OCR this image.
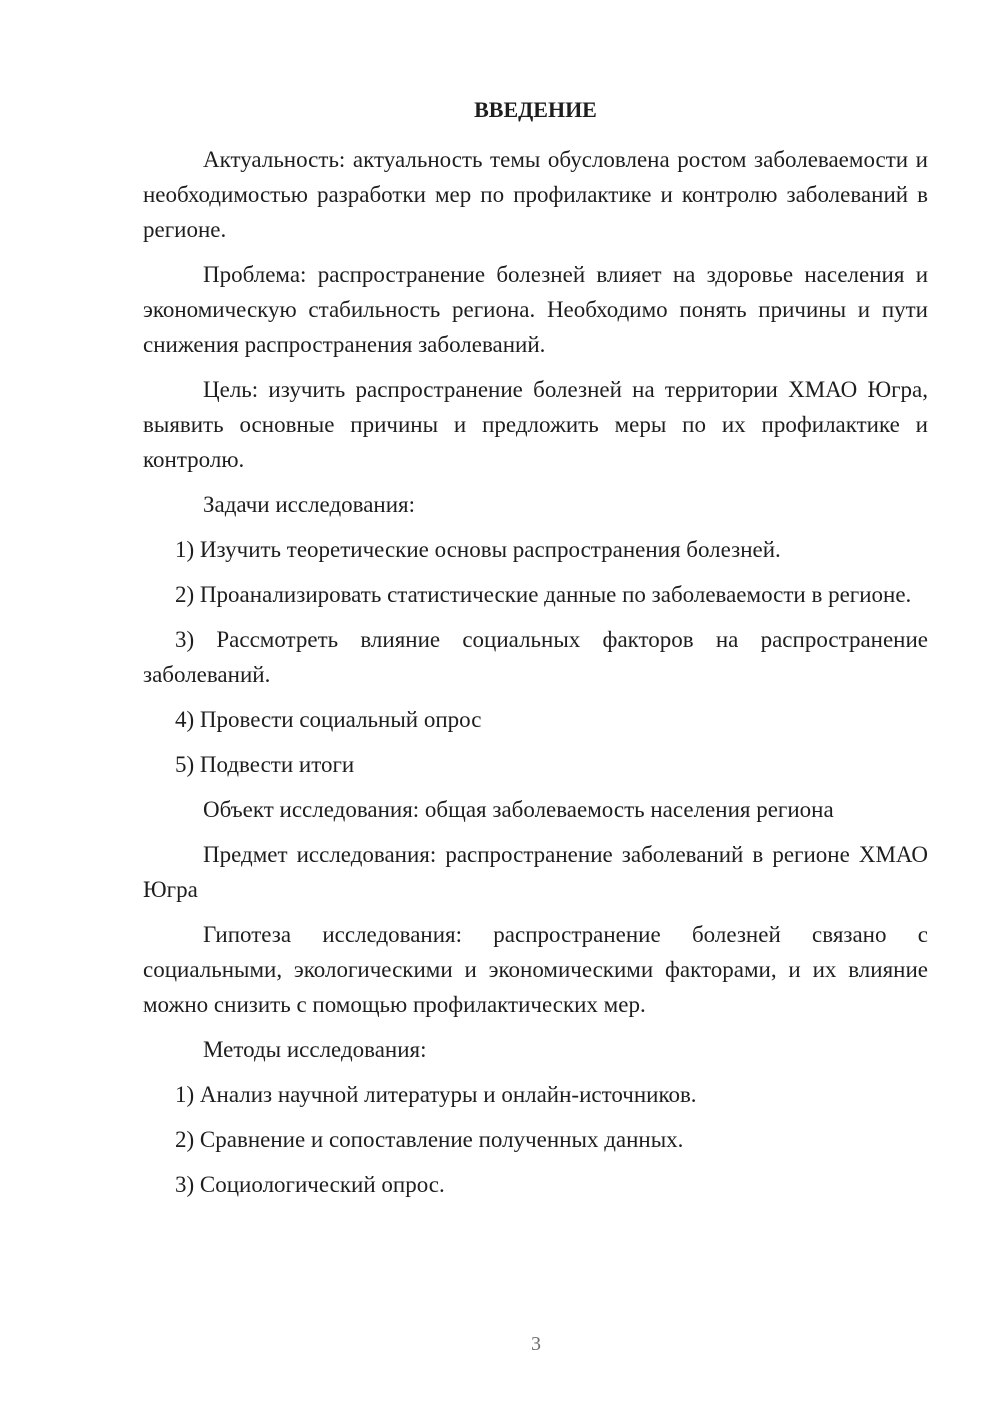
ВВЕДЕНИЕ

Актуальность: актуальность темы обусловлена ростом заболеваемости и необходимостью разработки мер по профилактике и контролю заболеваний в регионе.

Проблема: распространение болезней влияет на здоровье населения и экономическую стабильность региона. Необходимо понять причины и пути снижения распространения заболеваний.

Цель: изучить распространение болезней на территории ХМАО Югра, выявить основные причины и предложить меры по их профилактике и контролю.

Задачи исследования:

1) Изучить теоретические основы распространения болезней.

2) Проанализировать статистические данные по заболеваемости в регионе.

3) Рассмотреть влияние социальных факторов на распространение заболеваний.

4) Провести социальный опрос

5) Подвести итоги

Объект исследования: общая заболеваемость населения региона

Предмет исследования: распространение заболеваний в регионе ХМАО Югра

Гипотеза исследования: распространение болезней связано с социальными, экологическими и экономическими факторами, и их влияние можно снизить с помощью профилактических мер.

Методы исследования:

1) Анализ научной литературы и онлайн-источников.

2) Сравнение и сопоставление полученных данных.

3) Социологический опрос.

3
